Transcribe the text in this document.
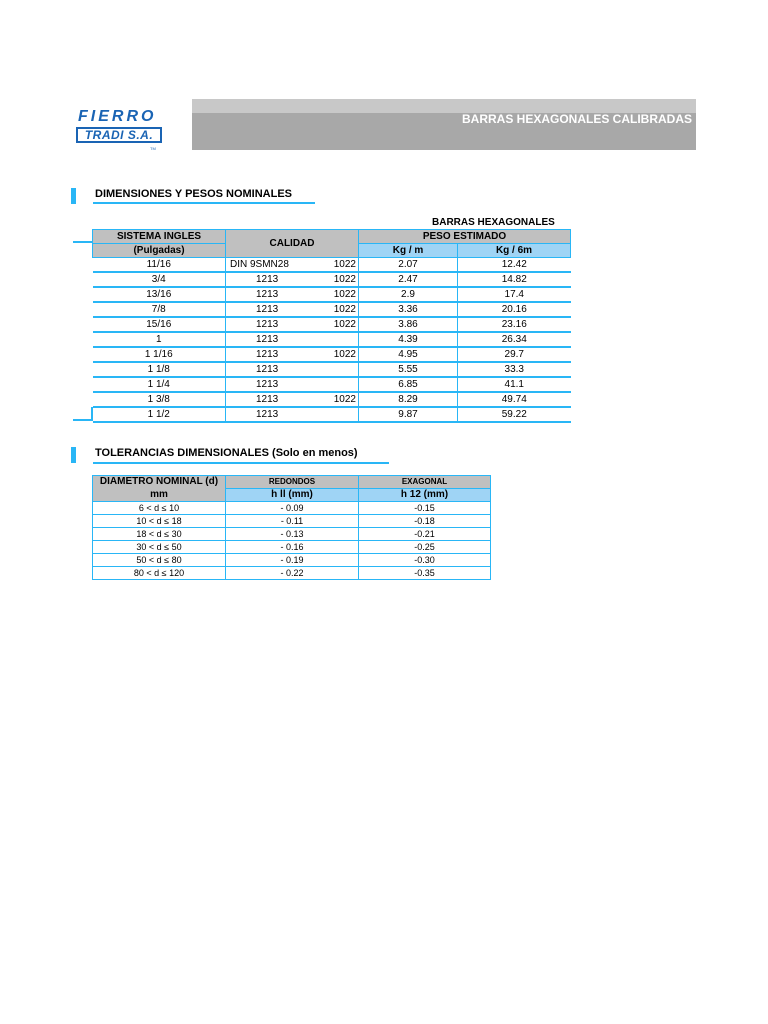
FIERRO
TRADI S.A.
TM
BARRAS HEXAGONALES CALIBRADAS
DIMENSIONES Y PESOS NOMINALES
BARRAS HEXAGONALES
SISTEMA INGLES	CALIDAD	PESO ESTIMADO	
(Pulgadas)		Kg / m	Kg / 6m
11/16	DIN 9SMN28 1022	2.07	12.42
3/4	1213 1022	2.47	14.82
13/16	1213 1022	2.9	17.4
7/8	1213 1022	3.36	20.16
15/16	1213 1022	3.86	23.16
1	1213	4.39	26.34
1 1/16	1213 1022	4.95	29.7
1 1/8	1213	5.55	33.3
1 1/4	1213	6.85	41.1
1 3/8	1213 1022	8.29	49.74
1 1/2	1213	9.87	59.22
TOLERANCIAS DIMENSIONALES (Solo en menos)
DIAMETRO NOMINAL (d)	REDONDOS	EXAGONAL
mm	h ll (mm)	h 12 (mm)
6 < d ≤ 10	- 0.09	-0.15
10 < d ≤ 18	- 0.11	-0.18
18 < d ≤ 30	- 0.13	-0.21
30 < d ≤ 50	- 0.16	-0.25
50 < d ≤ 80	- 0.19	-0.30
80 < d ≤ 120	- 0.22	-0.35
